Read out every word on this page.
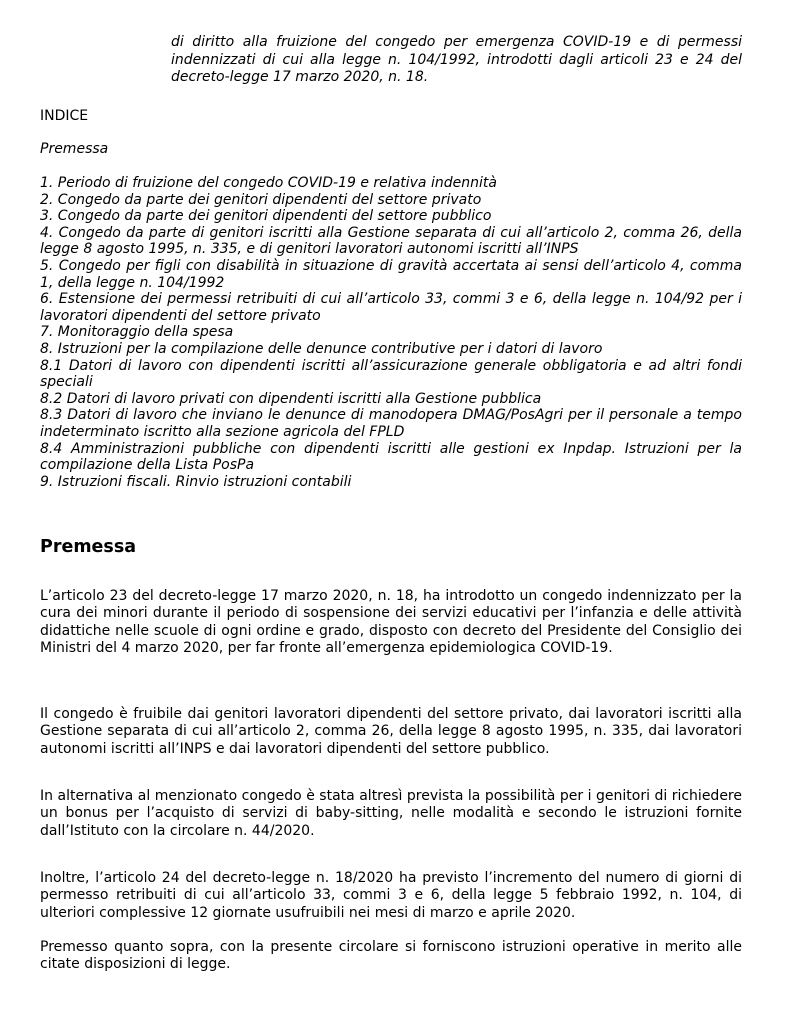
di diritto alla fruizione del congedo per emergenza COVID-19 e di permessi indennizzati di cui alla legge n. 104/1992, introdotti dagli articoli 23 e 24 del decreto-legge 17 marzo 2020, n. 18.

INDICE

Premessa

1. Periodo di fruizione del congedo COVID-19 e relativa indennità
2. Congedo da parte dei genitori dipendenti del settore privato
3. Congedo da parte dei genitori dipendenti del settore pubblico
4. Congedo da parte di genitori iscritti alla Gestione separata di cui all’articolo 2, comma 26, della legge 8 agosto 1995, n. 335, e di genitori lavoratori autonomi iscritti all’INPS
5. Congedo per figli con disabilità in situazione di gravità accertata ai sensi dell’articolo 4, comma 1, della legge n. 104/1992
6. Estensione dei permessi retribuiti di cui all’articolo 33, commi 3 e 6, della legge n. 104/92 per i lavoratori dipendenti del settore privato
7. Monitoraggio della spesa
8. Istruzioni per la compilazione delle denunce contributive per i datori di lavoro
8.1 Datori di lavoro con dipendenti iscritti all’assicurazione generale obbligatoria e ad altri fondi speciali
8.2 Datori di lavoro privati con dipendenti iscritti alla Gestione pubblica
8.3 Datori di lavoro che inviano le denunce di manodopera DMAG/PosAgri per il personale a tempo indeterminato iscritto alla sezione agricola del FPLD
8.4 Amministrazioni pubbliche con dipendenti iscritti alle gestioni ex Inpdap. Istruzioni per la compilazione della Lista PosPa
9. Istruzioni fiscali. Rinvio istruzioni contabili
Premessa

L’articolo 23 del decreto-legge 17 marzo 2020, n. 18, ha introdotto un congedo indennizzato per la cura dei minori durante il periodo di sospensione dei servizi educativi per l’infanzia e delle attività didattiche nelle scuole di ogni ordine e grado, disposto con decreto del Presidente del Consiglio dei Ministri del 4 marzo 2020, per far fronte all’emergenza epidemiologica COVID-19.

Il congedo è fruibile dai genitori lavoratori dipendenti del settore privato, dai lavoratori iscritti alla Gestione separata di cui all’articolo 2, comma 26, della legge 8 agosto 1995, n. 335, dai lavoratori autonomi iscritti all’INPS e dai lavoratori dipendenti del settore pubblico.

In alternativa al menzionato congedo è stata altresì prevista la possibilità per i genitori di richiedere un bonus per l’acquisto di servizi di baby-sitting, nelle modalità e secondo le istruzioni fornite dall’Istituto con la circolare n. 44/2020.

Inoltre, l’articolo 24 del decreto-legge n. 18/2020 ha previsto l’incremento del numero di giorni di permesso retribuiti di cui all’articolo 33, commi 3 e 6, della legge 5 febbraio 1992, n. 104, di ulteriori complessive 12 giornate usufruibili nei mesi di marzo e aprile 2020.

Premesso quanto sopra, con la presente circolare si forniscono istruzioni operative in merito alle citate disposizioni di legge.
